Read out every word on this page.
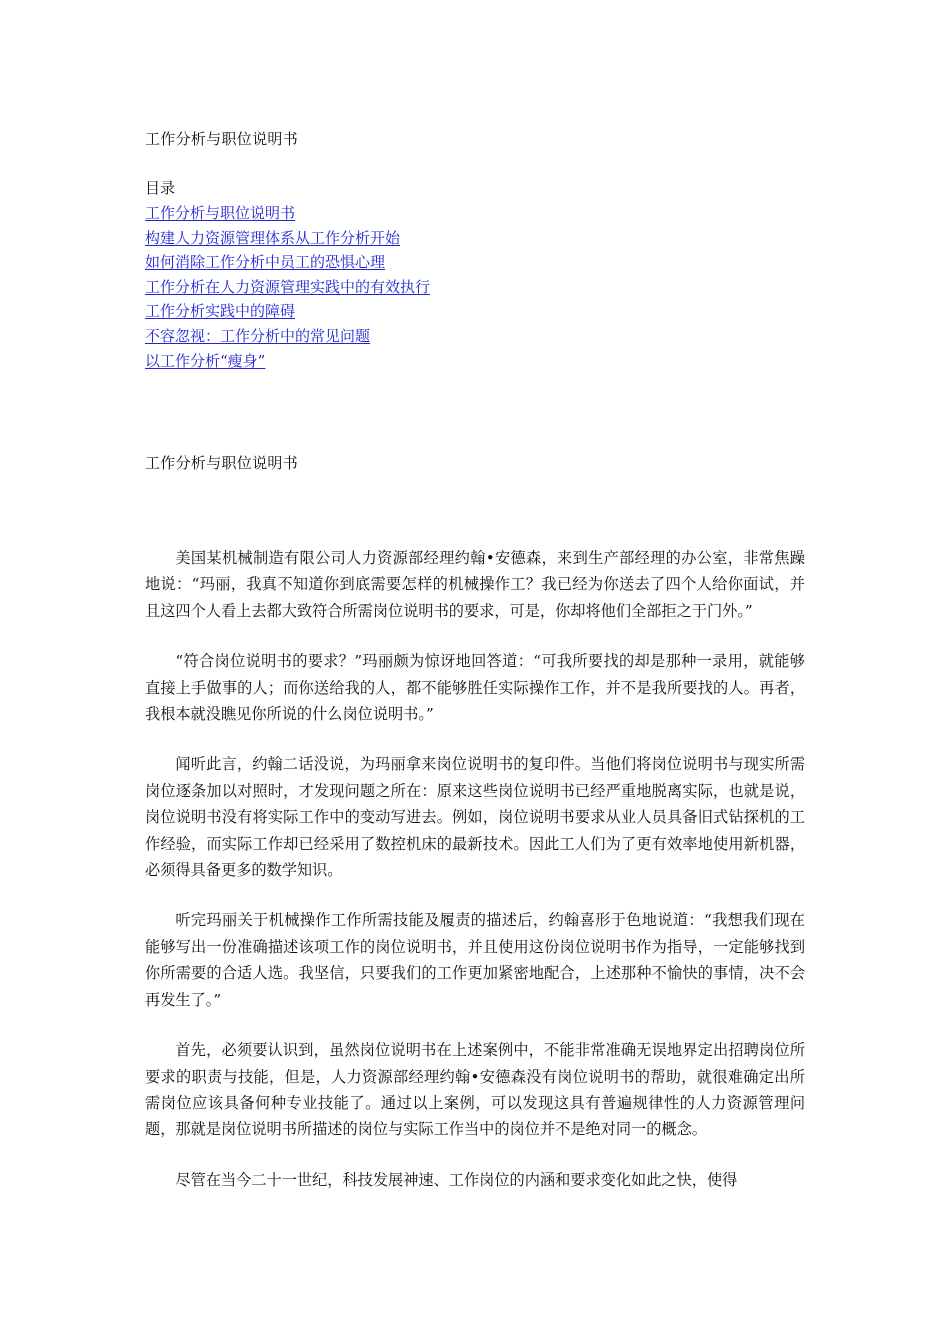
工作分析与职位说明书
目录
工作分析与职位说明书
构建人力资源管理体系从工作分析开始
如何消除工作分析中员工的恐惧心理
工作分析在人力资源管理实践中的有效执行
工作分析实践中的障碍
不容忽视：工作分析中的常见问题
以工作分析“瘦身”
工作分析与职位说明书

美国某机械制造有限公司人力资源部经理约翰•安德森，来到生产部经理的办公室，非常焦躁地说：“玛丽，我真不知道你到底需要怎样的机械操作工？我已经为你送去了四个人给你面试，并且这四个人看上去都大致符合所需岗位说明书的要求，可是，你却将他们全部拒之于门外。”

“符合岗位说明书的要求？”玛丽颇为惊讶地回答道：“可我所要找的却是那种一录用，就能够直接上手做事的人；而你送给我的人，都不能够胜任实际操作工作，并不是我所要找的人。再者，我根本就没瞧见你所说的什么岗位说明书。”

闻听此言，约翰二话没说，为玛丽拿来岗位说明书的复印件。当他们将岗位说明书与现实所需岗位逐条加以对照时，才发现问题之所在：原来这些岗位说明书已经严重地脱离实际，也就是说，岗位说明书没有将实际工作中的变动写进去。例如，岗位说明书要求从业人员具备旧式钻探机的工作经验，而实际工作却已经采用了数控机床的最新技术。因此工人们为了更有效率地使用新机器，必须得具备更多的数学知识。

听完玛丽关于机械操作工作所需技能及履责的描述后，约翰喜形于色地说道：“我想我们现在能够写出一份准确描述该项工作的岗位说明书，并且使用这份岗位说明书作为指导，一定能够找到你所需要的合适人选。我坚信，只要我们的工作更加紧密地配合，上述那种不愉快的事情，决不会再发生了。”

首先，必须要认识到，虽然岗位说明书在上述案例中，不能非常准确无误地界定出招聘岗位所要求的职责与技能，但是，人力资源部经理约翰•安德森没有岗位说明书的帮助，就很难确定出所需岗位应该具备何种专业技能了。通过以上案例，可以发现这具有普遍规律性的人力资源管理问题，那就是岗位说明书所描述的岗位与实际工作当中的岗位并不是绝对同一的概念。

尽管在当今二十一世纪，科技发展神速、工作岗位的内涵和要求变化如此之快，使得
